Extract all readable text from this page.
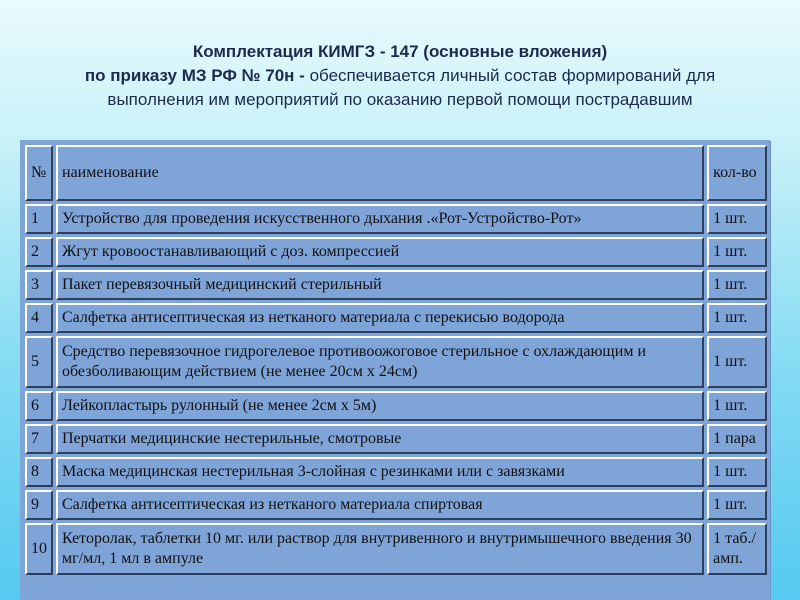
Комплектация КИМГЗ - 147 (основные вложения)
по приказу МЗ РФ № 70н - обеспечивается личный состав формирований для
выполнения им мероприятий по оказанию первой помощи пострадавшим
№	наименование	кол-во
1	Устройство для проведения искусственного дыхания .«Рот-Устройство-Рот»	1 шт.
2	Жгут кровоостанавливающий с доз. компрессией	1 шт.
3	Пакет перевязочный медицинский стерильный	1 шт.
4	Салфетка антисептическая из нетканого материала с перекисью водорода	1 шт.
5	Средство перевязочное гидрогелевое противоожоговое стерильное с охлаждающим и обезболивающим действием (не менее 20см х 24см)	1 шт.
6	Лейкопластырь рулонный (не менее 2см х 5м)	1 шт.
7	Перчатки медицинские нестерильные, смотровые	1 пара
8	Маска медицинская нестерильная 3-слойная с резинками или с завязками	1 шт.
9	Салфетка антисептическая из нетканого материала спиртовая	1 шт.
10	Кеторолак, таблетки 10 мг. или раствор для внутривенного и внутримышечного введения 30 мг/мл, 1 мл в ампуле	1 таб./ амп.
